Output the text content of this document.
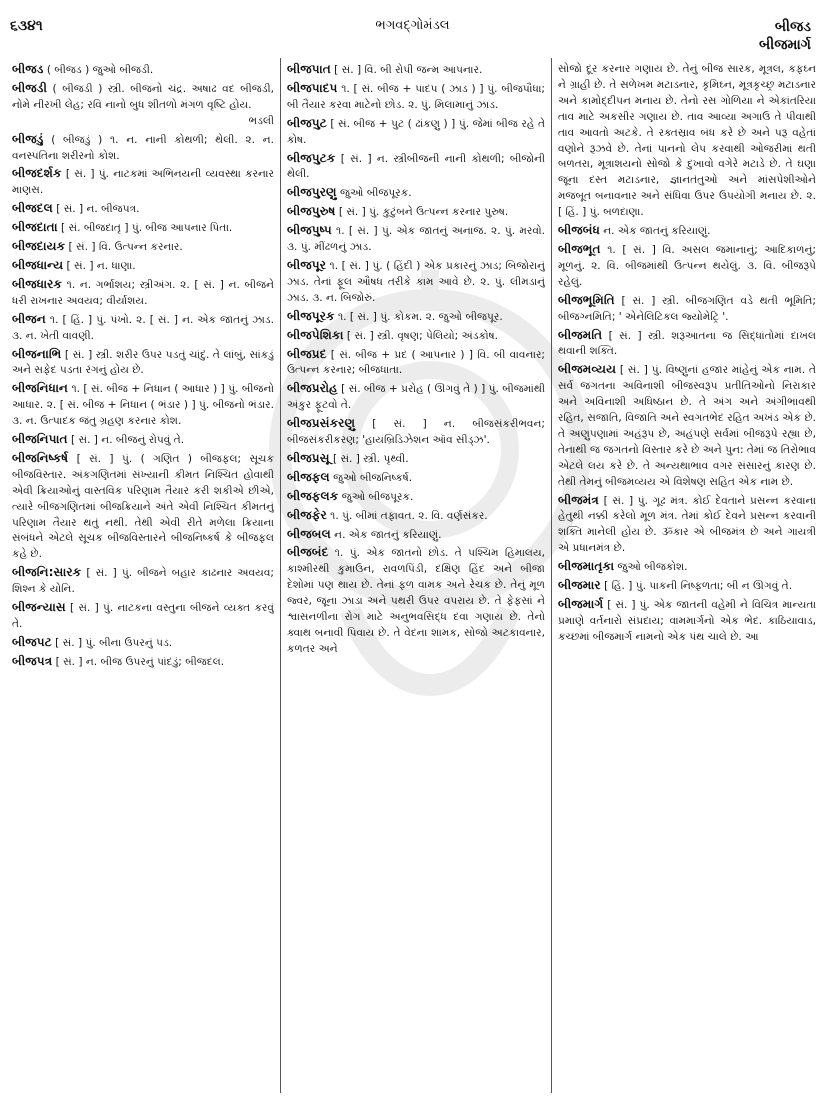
૬૩૪૧	ભગવદ્ગોમંડલ	બીજડ
બીજમાર્ગ
બીજડ ( બીજડ ) જુઓ બીજડી.
બીજડી ( બીજડી ) સ્ત્રી. બીજનો ચંદ્ર. અષાઢ વદ બીજડી, નોમે નીરખી લેહ; રવિ નાનો બુધ શીતળો મંગળ વૃષ્ટિ હોય.
ભડલી
બીજડું ( બીજડું ) ૧. ન. નાની કોથળી; થેલી. ૨. ન. વનસ્પતિના શરીરનો કોશ.
બીજદર્શક [ સં. ] પું. નાટકમાં અભિનયની વ્યવસ્થા કરનાર માણસ.
બીજદલ [ સં. ] ન. બીજપત્ર.
બીજદાતા [ સં. બીજદાતૃ ] પું. બીજ આપનાર પિતા.
બીજદાયક [ સં. ] વિ. ઉત્પન્ન કરનાર.
બીજધાન્ય [ સં. ] ન. ધાણા.
બીજધારક ૧. ન. ગર્ભાશય; સ્ત્રીઅંગ. ૨. [ સં. ] ન. બીજને ધરી રાખનાર અવયવ; વીર્યાશય.
બીજન ૧. [ હિં. ] પું. પંખો. ૨. [ સં. ] ન. એક જાતનું ઝાડ. ૩. ન. ખેતી વાવણી.
બીજનાભિ [ સં. ] સ્ત્રી. શરીર ઉપર પડતું ચાંદું. તે લાંબું, સાંકડું અને સફેદ પડતા રંગનું હોય છે.
બીજનિધાન ૧. [ સં. બીજ + નિધાન ( આધાર ) ] પું. બીજનો આધાર. ૨. [ સં. બીજ + નિધાન ( ભંડાર ) ] પું. બીજનો ભંડાર. ૩. ન. ઉત્પાદક જંતુ ગ્રહણ કરનાર કોશ.
બીજનિપાત [ સં. ] ન. બીજનું રોપવું તે.
બીજનિષ્કર્ષ [ સં. ] પું. ( ગણિત ) બીજફલ; સૂચક બીજવિસ્તાર. અંકગણિતમાં સંખ્યાની કીમત નિશ્ચિત હોવાથી એવી ક્રિયાઓનું વાસ્તવિક પરિણામ તૈયાર કરી શકીએ છીએ, ત્યારે બીજગણિતમાં બીજક્રિયાને અંતે એવી નિશ્ચિત કીમતનું પરિણામ તૈયાર થતું નથી. તેથી એવી રીતે મળેલા ક્રિયાના સંબંધને એટલે સૂચક બીજવિસ્તારને બીજનિષ્કર્ષ કે બીજફલ કહે છે.
બીજનિ:સારક [ સં. ] પું. બીજને બહાર કાઢનાર અવયવ; શિશ્ન કે યોનિ.
બીજન્યાસ [ સં. ] પું. નાટકના વસ્તુના બીજને વ્યક્ત કરવું તે.
બીજપટ [ સં. ] પું. બીના ઉપરનું પડ.
બીજપત્ર [ સં. ] ન. બીજ ઉપરનું પાંદડું; બીજદલ.
બીજપાત [ સં. ] વિ. બી રોપી જન્મ આપનાર.
બીજપાદપ ૧. [ સં. બીજ + પાદપ ( ઝાડ ) ] પું. બીજપૌધા; બી તૈયાર કરવા માટેનો છોડ. ૨. પું. મિલામાનું ઝાડ.
બીજપુટ [ સં. બીજ + પુટ ( ઢાંકણુ ) ] પું. જેમાં બીજ રહે તે કોષ.
બીજપુટક [ સં. ] ન. સ્ત્રીબીજની નાની કોથળી; બીજોની થેલી.
બીજપુરણુ જુઓ બીજપૂરક.
બીજપુરુષ [ સં. ] પું. કુટુંબને ઉત્પન્ન કરનાર પુરુષ.
બીજપુષ્પ ૧. [ સં. ] પું. એક જાતનું અનાજ. ૨. પું. મરવો. ૩. પું. મીંઢળનું ઝાડ.
બીજપૂર ૧. [ સં. ] પું. ( હિંદી ) એક પ્રકારનું ઝાડ; બિજોરાનું ઝાડ. તેનાં ફૂલ ઔષધ તરીકે કામ આવે છે. ૨. પું. લીમડાનું ઝાડ. ૩. ન. બિજોરું.
બીજપૂરક ૧. [ સં. ] પું. કોકમ. ૨. જુઓ બીજપૂર.
બીજપેશિકા [ સં. ] સ્ત્રી. વૃષણ; પેલિયો; અંડકોષ.
બીજપ્રદ [ સં. બીજ + પ્રદ ( આપનાર ) ] વિ. બી વાવનાર; ઉત્પન્ન કરનાર; બીજધાતા.
બીજપ્રરોહ [ સં. બીજ + પ્રરોહ ( ઊગવું તે ) ] પું. બીજમાંથી અંકુર ફૂટવો તે.
બીજપ્રસંકરણુ [ સં. ] ન. બીજસંકરીભવન; બીજસંકરીકરણ; 'હાયબ્રિડિઝેશન ઑવ સીડ્ઝ'.
બીજપ્રસૂ [ સં. ] સ્ત્રી. પૃથ્વી.
બીજફલ જુઓ બીજનિષ્કર્ષ.
બીજફલક જુઓ બીજપૂરક.
બીજફેર ૧. પું. બીમાં તફાવત. ૨. વિ. વર્ણસંકર.
બીજબલ ન. એક જાતનું કરિયાણું.
બીજબંદ ૧. પું. એક જાતનો છોડ. તે પશ્ચિમ હિમાલય, કાશ્મીરથી કુમાઉન, રાવળપિંડી, દક્ષિણ હિંદ અને બીજા દેશોમાં પણ થાય છે. તેનાં ફળ વામક અને રેચક છે. તેનું મૂળ જ્વર, જૂના ઝાડા અને પથરી ઉપર વપરાય છે. તે ફેફસાં ને શ્વાસનળીના રોગ માટે અનુભવસિદ્ધ દવા ગણાય છે. તેનો ક્વાથ બનાવી પિવાય છે. તે વેદના શામક, સોજો અટકાવનાર, કળતર અને
સોજો દૂર કરનાર ગણાય છે. તેનું બીજ સારક, મૂત્રલ, કફઘ્ન ને ગ્રાહી છે. તે સળેખમ મટાડનાર, કૃમિઘ્ન, મૂત્રકૃચ્છ્ર મટાડનાર અને કામોદ્દીપન મનાય છે. તેનો રસ ગોળિયા ને એકાંતરિયા તાવ માટે અકસીર ગણાય છે. તાવ આવ્યા અગાઉ તે પીવાથી તાવ આવતો અટકે. તે રક્તસ્રાવ બંધ કરે છે અને પરૂ વહેતાં વણોને રૂઝવે છે. તેનાં પાનનો લેપ કરવાથી ઓજરીમાં થતી બળતરા, મૂત્રાશયનો સોજો કે દુખાવો વગેરે મટાડે છે. તે ઘણા જૂના દસ્ત મટાડનાર, જ્ઞાનતંતુઓ અને માંસપેશીઓને મજબૂત બનાવનાર અને સંધિવા ઉપર ઉપયોગી મનાય છે. ૨. [ હિં. ] પું. બળદાણા.
બીજબંધ ન. એક જાતનું કરિયાણું.
બીજભૂત ૧. [ સં. ] વિ. અસલ જમાનાનું; આદિકાળનું; મૂળનું. ૨. વિ. બીજમાંથી ઉત્પન્ન થયેલું. ૩. વિ. બીજરૂપે રહેલું.
બીજભૂમિતિ [ સં. ] સ્ત્રી. બીજગણિત વડે થતી ભૂમિતિ; બીજગ્નમિતિ; ' એનેલિટિકલ જ્યોમેટ્રિ '.
બીજમતિ [ સં. ] સ્ત્રી. શરૂઆતના જ સિદ્ધાંતોમાં દાખલ થવાની શક્તિ.
બીજમવ્યય [ સં. ] પું. વિષ્ણુનાં હજાર માંહેનું એક નામ. તે સર્વ જગતના અવિનાશી બીજસ્વરૂપ પ્રતીતિઓનો નિરાકાર અને અવિનાશી અધિષ્ઠાન છે. તે અંગ અને અંગીભાવથી રહિત, સજાતિ, વિજાતિ અને સ્વગતભેદ રહિત અખંડ એક છે. તે અણુપણામાં અહંરૂપ છે, અહંપણે સર્વમાં બીજરૂપે રહ્યા છે, તેનાથી જ જગતનો વિસ્તાર કરે છે અને પુન: તેમાં જ તિરોભાવ એટલે લય કરે છે. તે અન્યથાભાવ વગર સંસારનું કારણ છે. તેથી તેમનું બીજમવ્યય એ વિશેષણ સહિત એક નામ છે.
બીજમંત્ર [ સં. ] પું. ગૂઢ મંત્ર. કોઈ દેવતાને પ્રસન્ન કરવાના હેતુથી નક્કી કરેલો મૂળ મંત્ર. તેમાં કોઈ દેવને પ્રસન્ન કરવાની શક્તિ માનેલી હોય છે. ૐકાર એ બીજમંત્ર છે અને ગાયત્રી એ પ્રધાનમંત્ર છે.
બીજમાતૃકા જુઓ બીજકોશ.
બીજમાર [ હિં. ] પું. પાકની નિષ્ફળતા; બી ન ઊગવું તે.
બીજમાર્ગ [ સં. ] પું. એક જાતની વહેમી ને વિચિત્ર માન્યતા પ્રમાણે વર્તનારો સંપ્રદાય; વામમાર્ગનો એક ભેદ. કાઠિયાવાડ, કચ્છમાં બીજમાર્ગ નામનો એક પંથ ચાલે છે. આ
